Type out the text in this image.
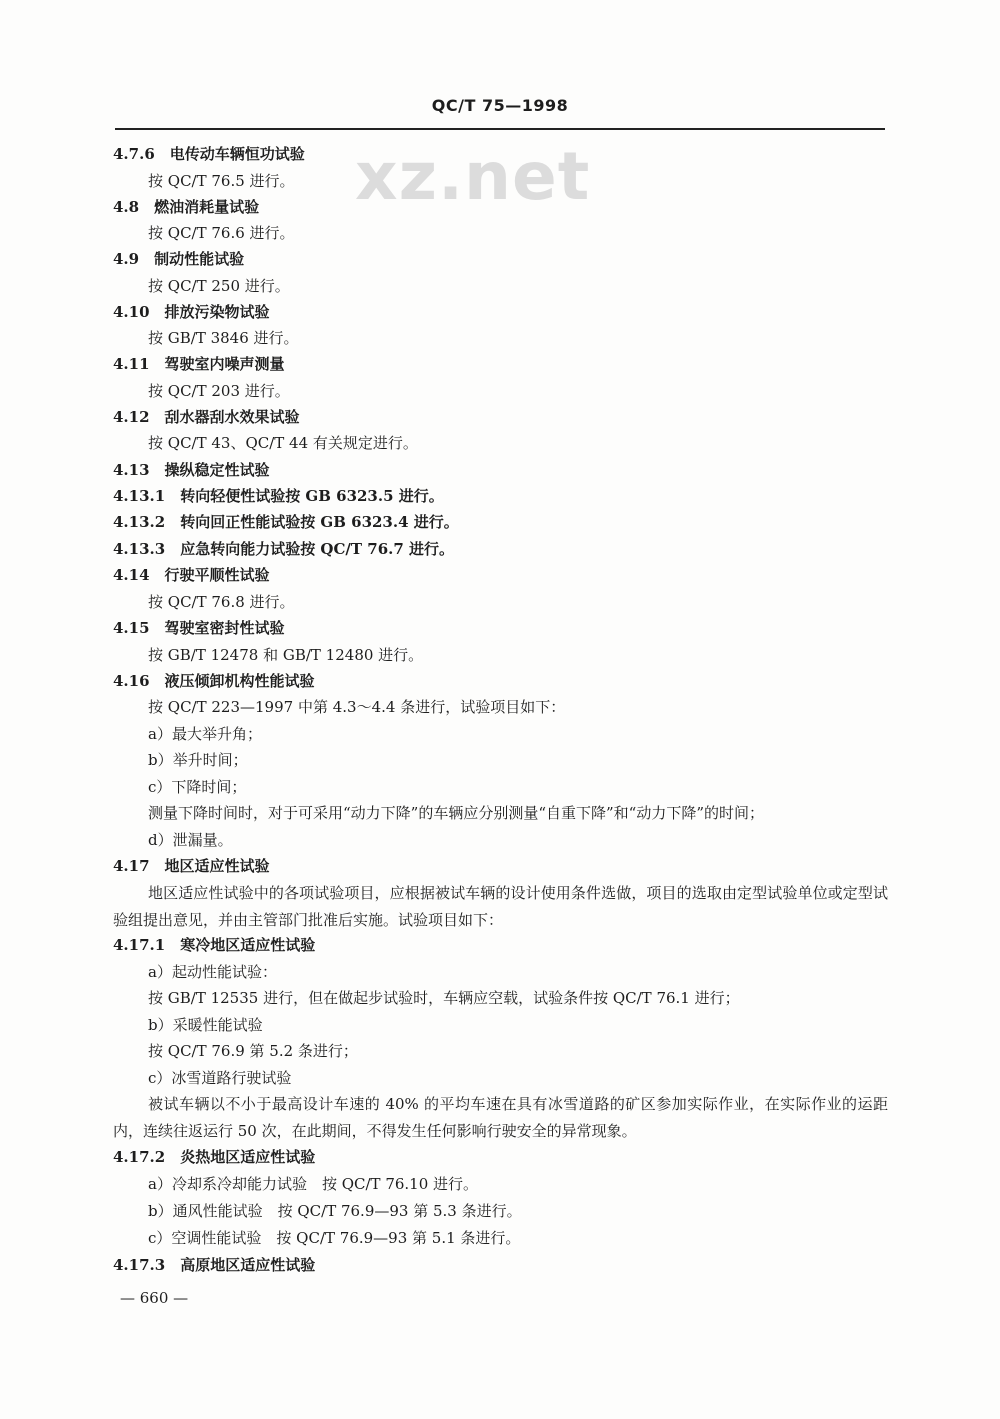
QC/T 75—1998
xz.net
4.7.6　电传动车辆恒功试验
按 QC/T 76.5 进行。
4.8　燃油消耗量试验
按 QC/T 76.6 进行。
4.9　制动性能试验
按 QC/T 250 进行。
4.10　排放污染物试验
按 GB/T 3846 进行。
4.11　驾驶室内噪声测量
按 QC/T 203 进行。
4.12　刮水器刮水效果试验
按 QC/T 43、QC/T 44 有关规定进行。
4.13　操纵稳定性试验
4.13.1　转向轻便性试验按 GB 6323.5 进行。
4.13.2　转向回正性能试验按 GB 6323.4 进行。
4.13.3　应急转向能力试验按 QC/T 76.7 进行。
4.14　行驶平顺性试验
按 QC/T 76.8 进行。
4.15　驾驶室密封性试验
按 GB/T 12478 和 GB/T 12480 进行。
4.16　液压倾卸机构性能试验
按 QC/T 223—1997 中第 4.3～4.4 条进行，试验项目如下：
a）最大举升角；
b）举升时间；
c）下降时间；
测量下降时间时，对于可采用“动力下降”的车辆应分别测量“自重下降”和“动力下降”的时间；
d）泄漏量。
4.17　地区适应性试验
地区适应性试验中的各项试验项目，应根据被试车辆的设计使用条件选做，项目的选取由定型试验单位或定型试验组提出意见，并由主管部门批准后实施。试验项目如下：
4.17.1　寒冷地区适应性试验
a）起动性能试验：
按 GB/T 12535 进行，但在做起步试验时，车辆应空载，试验条件按 QC/T 76.1 进行；
b）采暖性能试验
按 QC/T 76.9 第 5.2 条进行；
c）冰雪道路行驶试验
被试车辆以不小于最高设计车速的 40% 的平均车速在具有冰雪道路的矿区参加实际作业，在实际作业的运距内，连续往返运行 50 次，在此期间，不得发生任何影响行驶安全的异常现象。
4.17.2　炎热地区适应性试验
a）冷却系冷却能力试验　按 QC/T 76.10 进行。
b）通风性能试验　按 QC/T 76.9—93 第 5.3 条进行。
c）空调性能试验　按 QC/T 76.9—93 第 5.1 条进行。
4.17.3　高原地区适应性试验
— 660 —
